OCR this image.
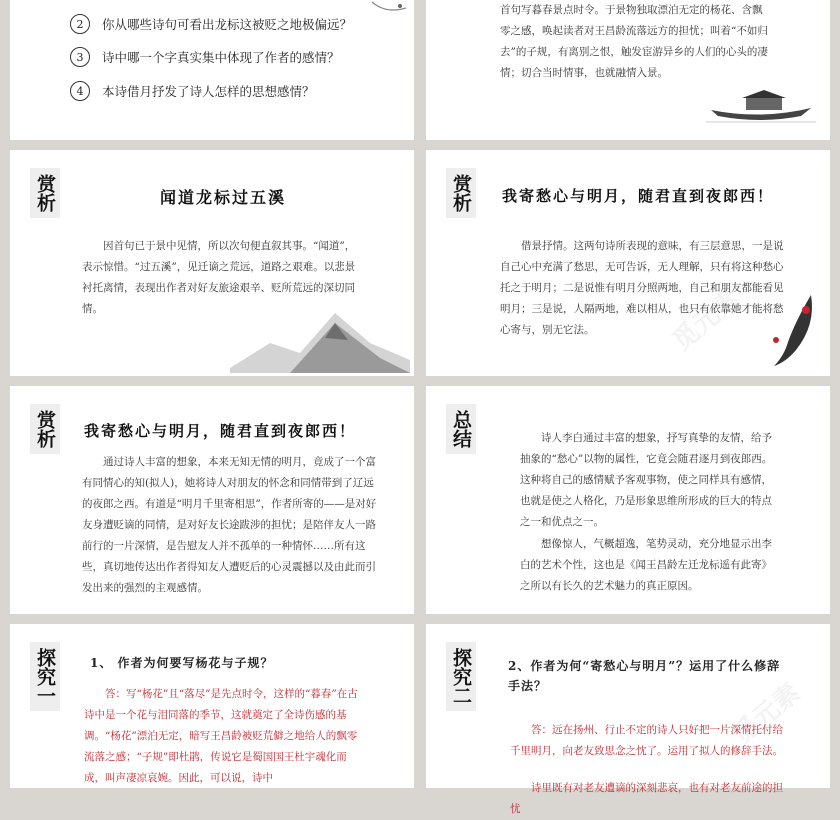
2	你从哪些诗句可看出龙标这被贬之地极偏远？
3	诗中哪一个字真实集中体现了作者的感情？
4	本诗借月抒发了诗人怎样的思想感情？
首句写暮春景点时令。于景物独取漂泊无定的杨花、含飘
零之感，唤起读者对王昌龄流落远方的担忧；叫着“不如归
去”的子规，有离别之恨，触发宦游异乡的人们的心头的凄
情；切合当时情事，也就融情入景。
赏析	闻道龙标过五溪
因首句已于景中见情，所以次句便直叙其事。“闻道”，表示惊惜。“过五溪”，见迁谪之荒远，道路之艰难。以悲景衬托离情，表现出作者对好友旅途艰辛、贬所荒远的深切同情。
赏析 我寄愁心与明月，随君直到夜郎西！
借景抒情。这两句诗所表现的意味，有三层意思，一是说自己心中充满了愁思，无可告诉，无人理解，只有将这种愁心托之于明月；二是说惟有明月分照两地，自己和朋友都能看见明月；三是说，人隔两地，难以相从，也只有依靠她才能将愁心寄与，别无它法。	觅元素
赏析 我寄愁心与明月，随君直到夜郎西！
通过诗人丰富的想象，本来无知无情的明月，竟成了一个富有同情心的知(拟人)，她将诗人对朋友的怀念和同情带到了辽远的夜郎之西。有道是“明月千里寄相思”，作者所寄的——是对好友身遭贬谪的同情，是对好友长途跋涉的担忧；是陪伴友人一路前行的一片深情，是告慰友人并不孤单的一种情怀……所有这些，真切地传达出作者得知友人遭贬后的心灵震撼以及由此而引发出来的强烈的主观感情。
总结	诗人李白通过丰富的想象，抒写真挚的友情，给予抽象的“愁心”以物的属性，它竟会随君逐月到夜郎西。这种将自己的感情赋予客观事物，使之同样具有感情，也就是使之人格化，乃是形象思维所形成的巨大的特点之一和优点之一。
想像惊人，气概超逸，笔势灵动，充分地显示出李白的艺术个性，这也是《闻王昌龄左迁龙标遥有此寄》之所以有长久的艺术魅力的真正原因。
探究一	1、 作者为何要写杨花与子规？
答：写“杨花”且“落尽”是先点时令，这样的“暮春”在古诗中是一个花与泪同落的季节，这就奠定了全诗伤感的基调。“杨花”漂泊无定，暗写王昌龄被贬荒僻之地给人的飘零流落之感；“子规”即杜鹃，传说它是蜀国国王杜宇魂化而成，叫声凄凉哀婉。因此，可以说，诗中
探究二	2、作者为何“寄愁心与明月”？运用了什么修辞手法？
答：远在扬州、行止不定的诗人只好把一片深情托付给千里明月，向老友致思念之忱了。运用了拟人的修辞手法。
诗里既有对老友遭谪的深刻悲哀，也有对老友前途的担忧
觅元素
